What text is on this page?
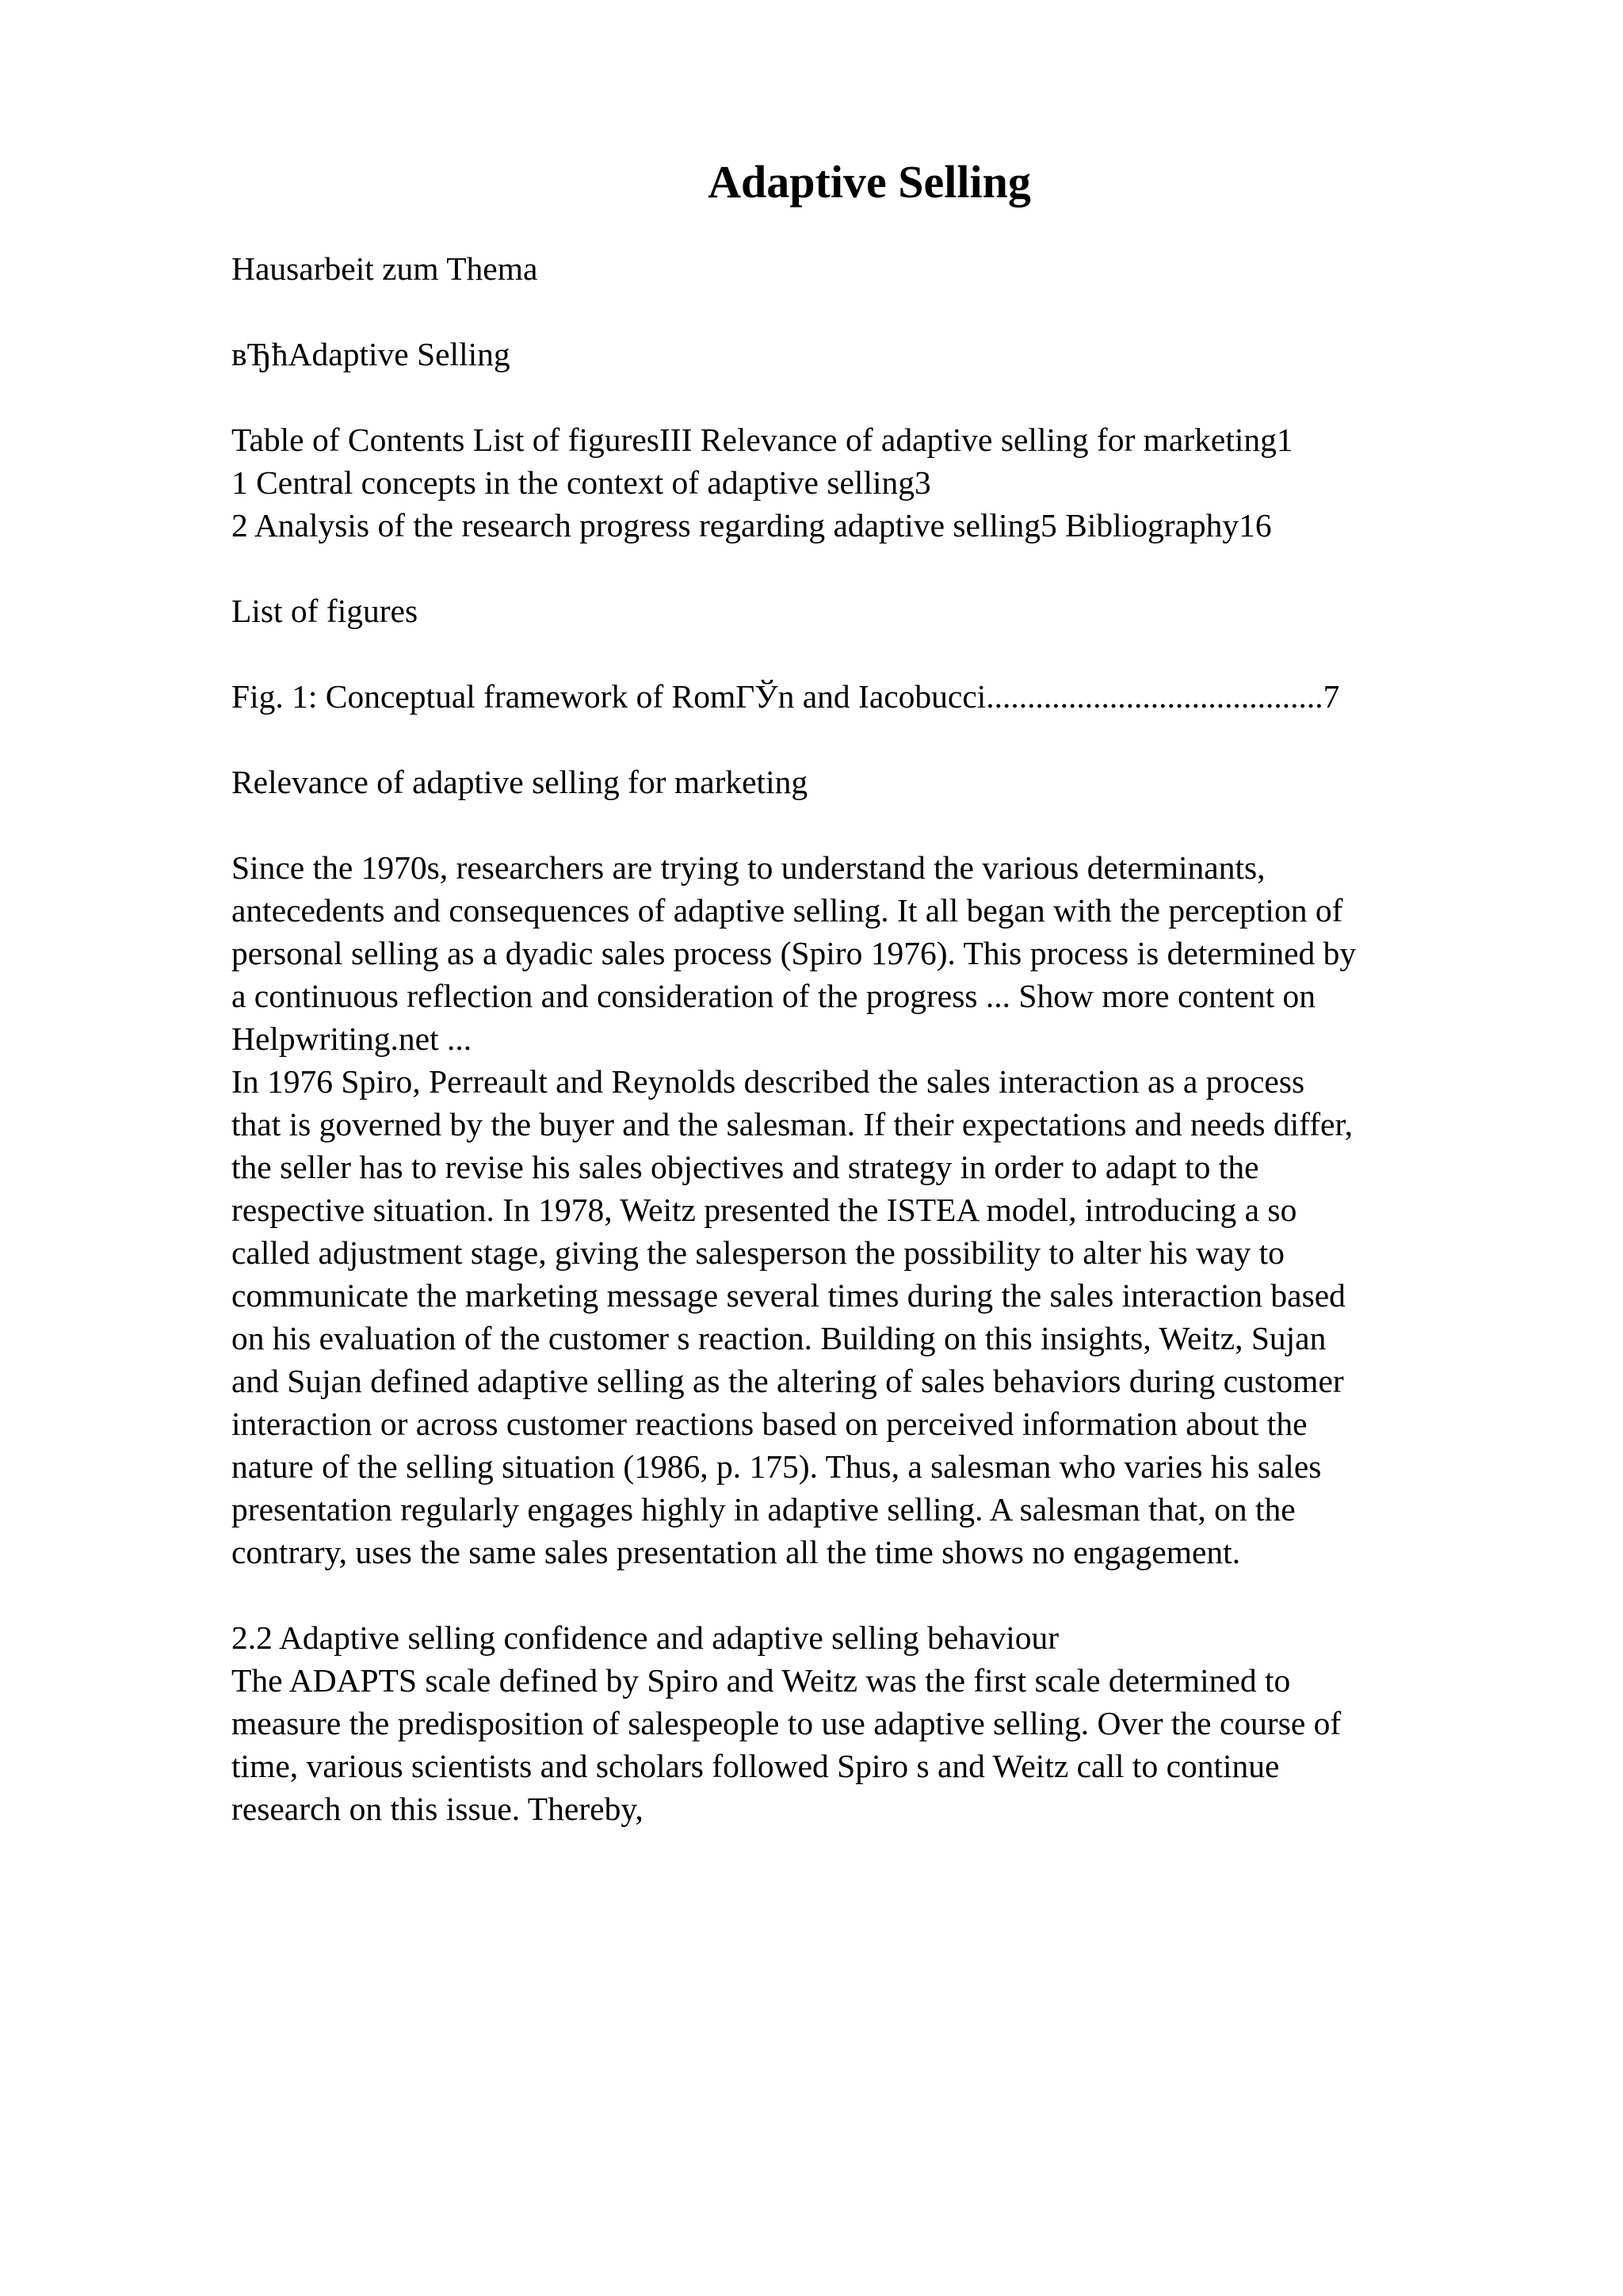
Adaptive Selling

Hausarbeit zum Thema

вЂћAdaptive Selling

Table of Contents List of figuresIII Relevance of adaptive selling for marketing1
1 Central concepts in the context of adaptive selling3
2 Analysis of the research progress regarding adaptive selling5 Bibliography16

List of figures

Fig. 1: Conceptual framework of RomГЎn and Iacobucci.........................................7

Relevance of adaptive selling for marketing

Since the 1970s, researchers are trying to understand the various determinants,
antecedents and consequences of adaptive selling. It all began with the perception of
personal selling as a dyadic sales process (Spiro 1976). This process is determined by
a continuous reflection and consideration of the progress ... Show more content on
Helpwriting.net ...
In 1976 Spiro, Perreault and Reynolds described the sales interaction as a process
that is governed by the buyer and the salesman. If their expectations and needs differ,
the seller has to revise his sales objectives and strategy in order to adapt to the
respective situation. In 1978, Weitz presented the ISTEA model, introducing a so
called adjustment stage, giving the salesperson the possibility to alter his way to
communicate the marketing message several times during the sales interaction based
on his evaluation of the customer s reaction. Building on this insights, Weitz, Sujan
and Sujan defined adaptive selling as the altering of sales behaviors during customer
interaction or across customer reactions based on perceived information about the
nature of the selling situation (1986, p. 175). Thus, a salesman who varies his sales
presentation regularly engages highly in adaptive selling. A salesman that, on the
contrary, uses the same sales presentation all the time shows no engagement.
2.2 Adaptive selling confidence and adaptive selling behaviour
The ADAPTS scale defined by Spiro and Weitz was the first scale determined to
measure the predisposition of salespeople to use adaptive selling. Over the course of
time, various scientists and scholars followed Spiro s and Weitz call to continue
research on this issue. Thereby,
